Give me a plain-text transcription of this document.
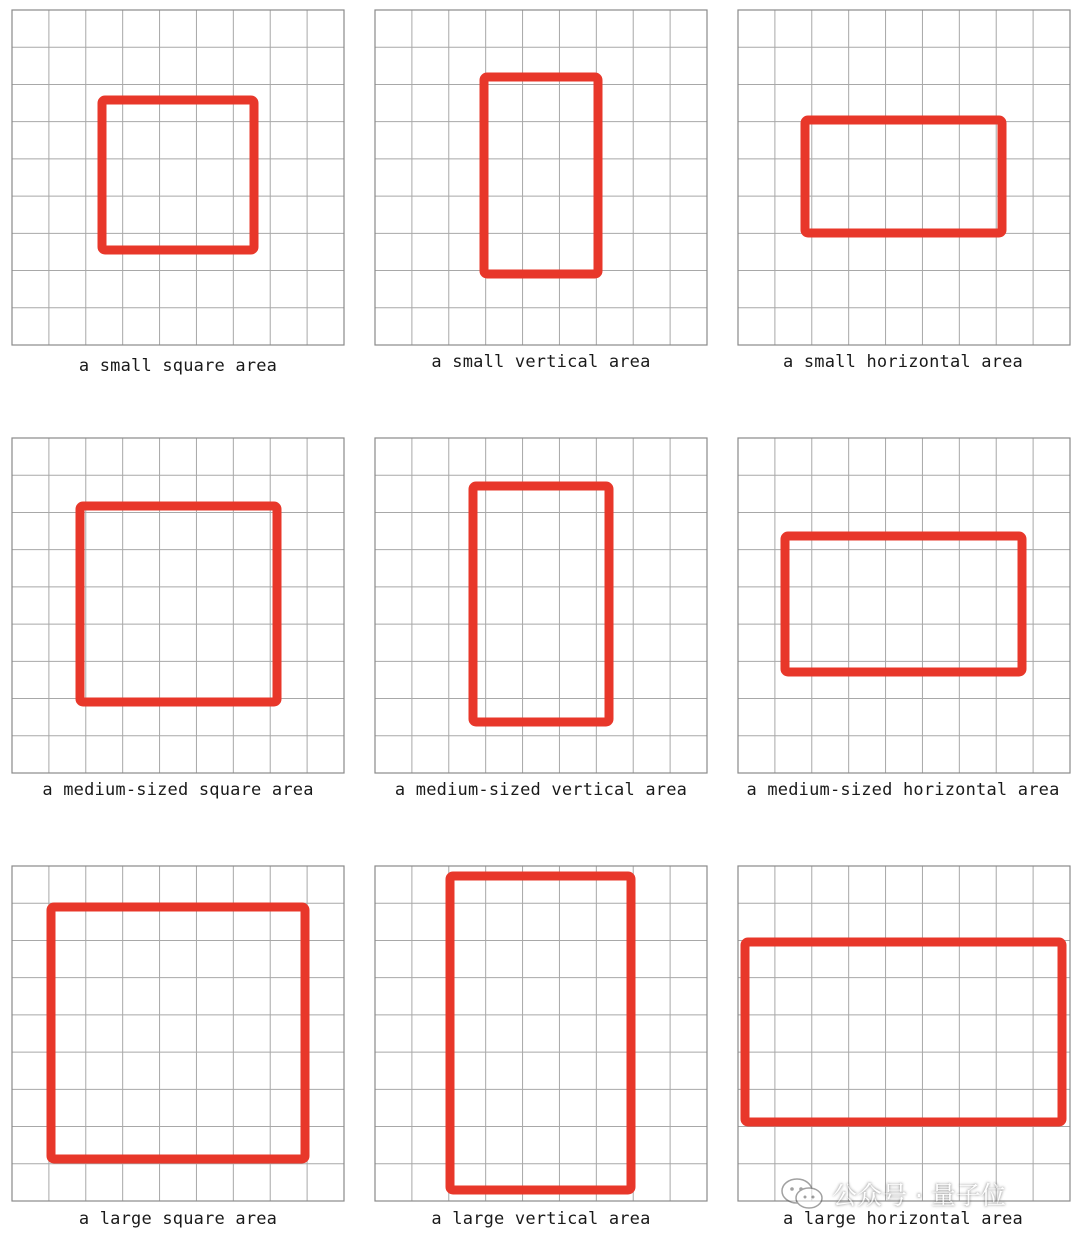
a small square area	a small vertical area	a small horizontal area
a medium-sized square area	a medium-sized vertical area	a medium-sized horizontal area
a large square area	a large vertical area	a large horizontal area
公众号 · 量子位
